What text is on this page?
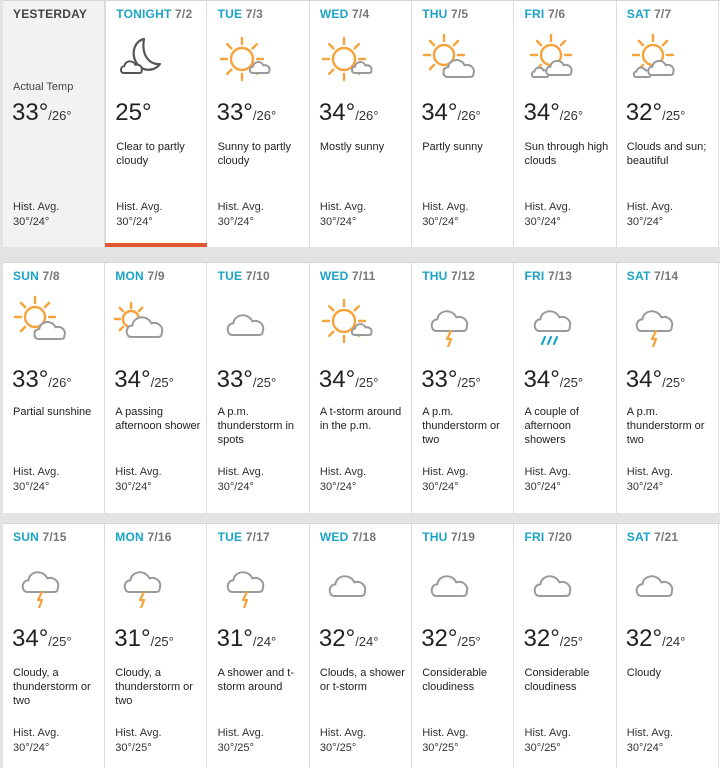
YESTERDAY
Actual Temp
33°/26°
Hist. Avg.
30°/24°
TONIGHT 7/2
25°
Clear to partly cloudy
Hist. Avg.
30°/24°
TUE 7/3
33°/26°
Sunny to partly cloudy
Hist. Avg.
30°/24°
WED 7/4
34°/26°
Mostly sunny
Hist. Avg.
30°/24°
THU 7/5
34°/26°
Partly sunny
Hist. Avg.
30°/24°
FRI 7/6
34°/26°
Sun through high clouds
Hist. Avg.
30°/24°
SAT 7/7
32°/25°
Clouds and sun; beautiful
Hist. Avg.
30°/24°
SUN 7/8
33°/26°
Partial sunshine
Hist. Avg.
30°/24°
MON 7/9
34°/25°
A passing afternoon shower
Hist. Avg.
30°/24°
TUE 7/10
33°/25°
A p.m. thunderstorm in spots
Hist. Avg.
30°/24°
WED 7/11
34°/25°
A t-storm around in the p.m.
Hist. Avg.
30°/24°
THU 7/12
33°/25°
A p.m. thunderstorm or two
Hist. Avg.
30°/24°
FRI 7/13
34°/25°
A couple of afternoon showers
Hist. Avg.
30°/24°
SAT 7/14
34°/25°
A p.m. thunderstorm or two
Hist. Avg.
30°/24°
SUN 7/15
34°/25°
Cloudy, a thunderstorm or two
Hist. Avg.
30°/24°
MON 7/16
31°/25°
Cloudy, a thunderstorm or two
Hist. Avg.
30°/25°
TUE 7/17
31°/24°
A shower and t-storm around
Hist. Avg.
30°/25°
WED 7/18
32°/24°
Clouds, a shower or t-storm
Hist. Avg.
30°/25°
THU 7/19
32°/25°
Considerable cloudiness
Hist. Avg.
30°/25°
FRI 7/20
32°/25°
Considerable cloudiness
Hist. Avg.
30°/25°
SAT 7/21
32°/24°
Cloudy
Hist. Avg.
30°/24°
